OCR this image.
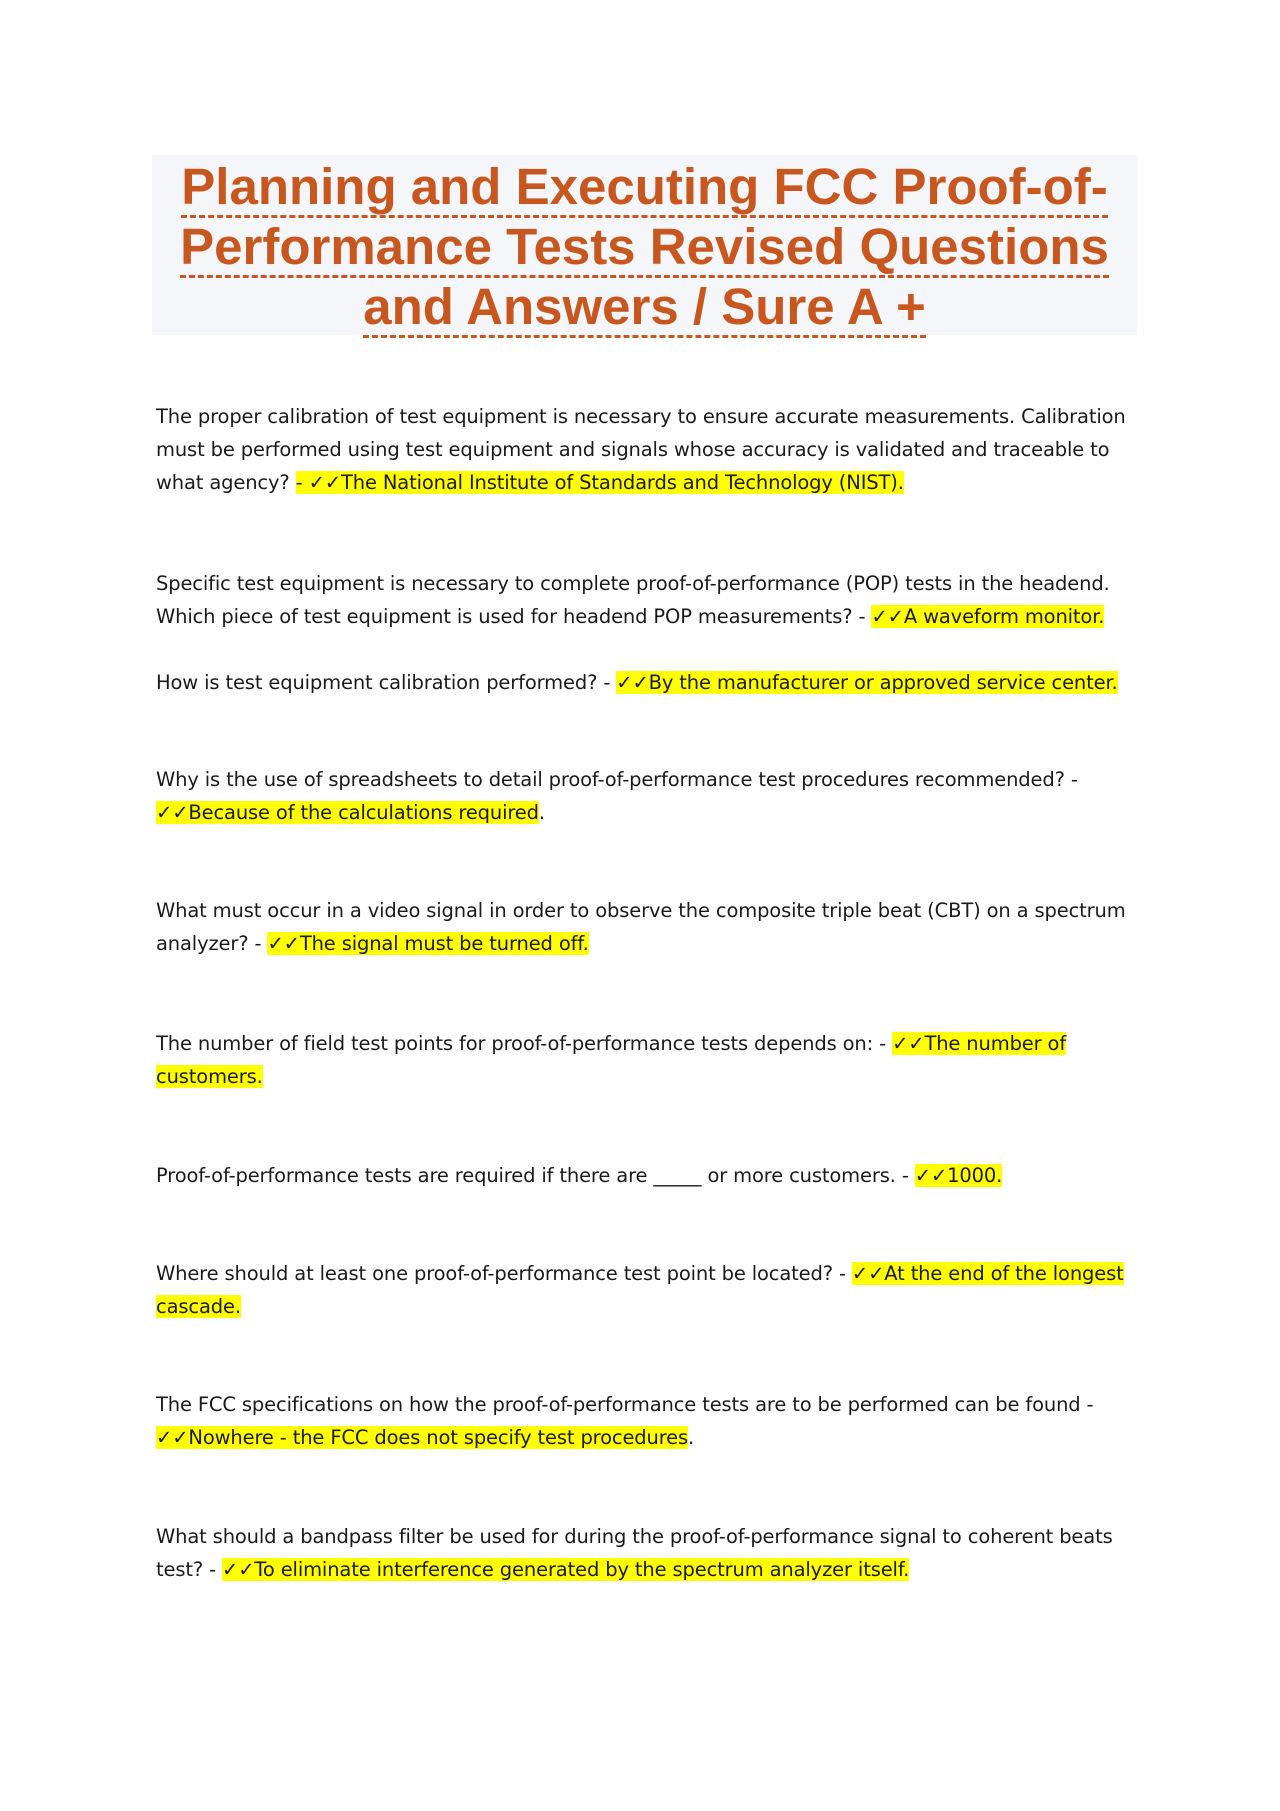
Planning and Executing FCC Proof-of-
Performance Tests Revised Questions
and Answers / Sure A +

The proper calibration of test equipment is necessary to ensure accurate measurements. Calibration must be performed using test equipment and signals whose accuracy is validated and traceable to what agency? - ✓✓The National Institute of Standards and Technology (NIST).

Specific test equipment is necessary to complete proof-of-performance (POP) tests in the headend. Which piece of test equipment is used for headend POP measurements? - ✓✓A waveform monitor.

How is test equipment calibration performed? - ✓✓By the manufacturer or approved service center.

Why is the use of spreadsheets to detail proof-of-performance test procedures recommended? - ✓✓Because of the calculations required.

What must occur in a video signal in order to observe the composite triple beat (CBT) on a spectrum analyzer? - ✓✓The signal must be turned off.

The number of field test points for proof-of-performance tests depends on: - ✓✓The number of customers.

Proof-of-performance tests are required if there are _____ or more customers. - ✓✓1000.

Where should at least one proof-of-performance test point be located? - ✓✓At the end of the longest cascade.

The FCC specifications on how the proof-of-performance tests are to be performed can be found - ✓✓Nowhere - the FCC does not specify test procedures.

What should a bandpass filter be used for during the proof-of-performance signal to coherent beats test? - ✓✓To eliminate interference generated by the spectrum analyzer itself.
